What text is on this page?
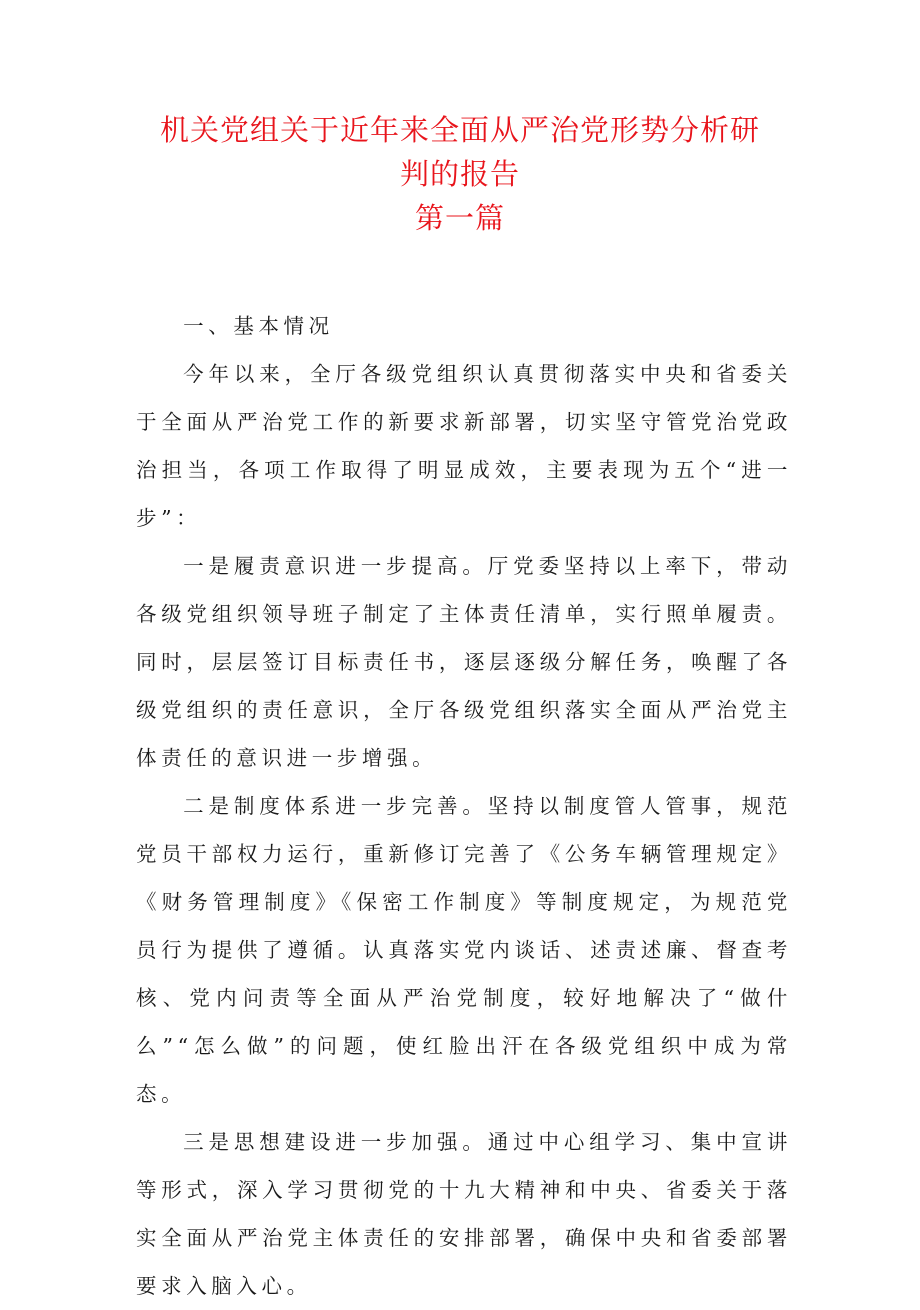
机关党组关于近年来全面从严治党形势分析研
判的报告
第一篇

一、基本情况

今年以来，全厅各级党组织认真贯彻落实中央和省委关于全面从严治党工作的新要求新部署，切实坚守管党治党政治担当，各项工作取得了明显成效，主要表现为五个“进一步”：

一是履责意识进一步提高。厅党委坚持以上率下，带动各级党组织领导班子制定了主体责任清单，实行照单履责。同时，层层签订目标责任书，逐层逐级分解任务，唤醒了各级党组织的责任意识，全厅各级党组织落实全面从严治党主体责任的意识进一步增强。

二是制度体系进一步完善。坚持以制度管人管事，规范党员干部权力运行，重新修订完善了《公务车辆管理规定》《财务管理制度》《保密工作制度》等制度规定，为规范党员行为提供了遵循。认真落实党内谈话、述责述廉、督查考核、党内问责等全面从严治党制度，较好地解决了“做什么”“怎么做”的问题，使红脸出汗在各级党组织中成为常态。

三是思想建设进一步加强。通过中心组学习、集中宣讲等形式，深入学习贯彻党的十九大精神和中央、省委关于落实全面从严治党主体责任的安排部署，确保中央和省委部署要求入脑入心。
